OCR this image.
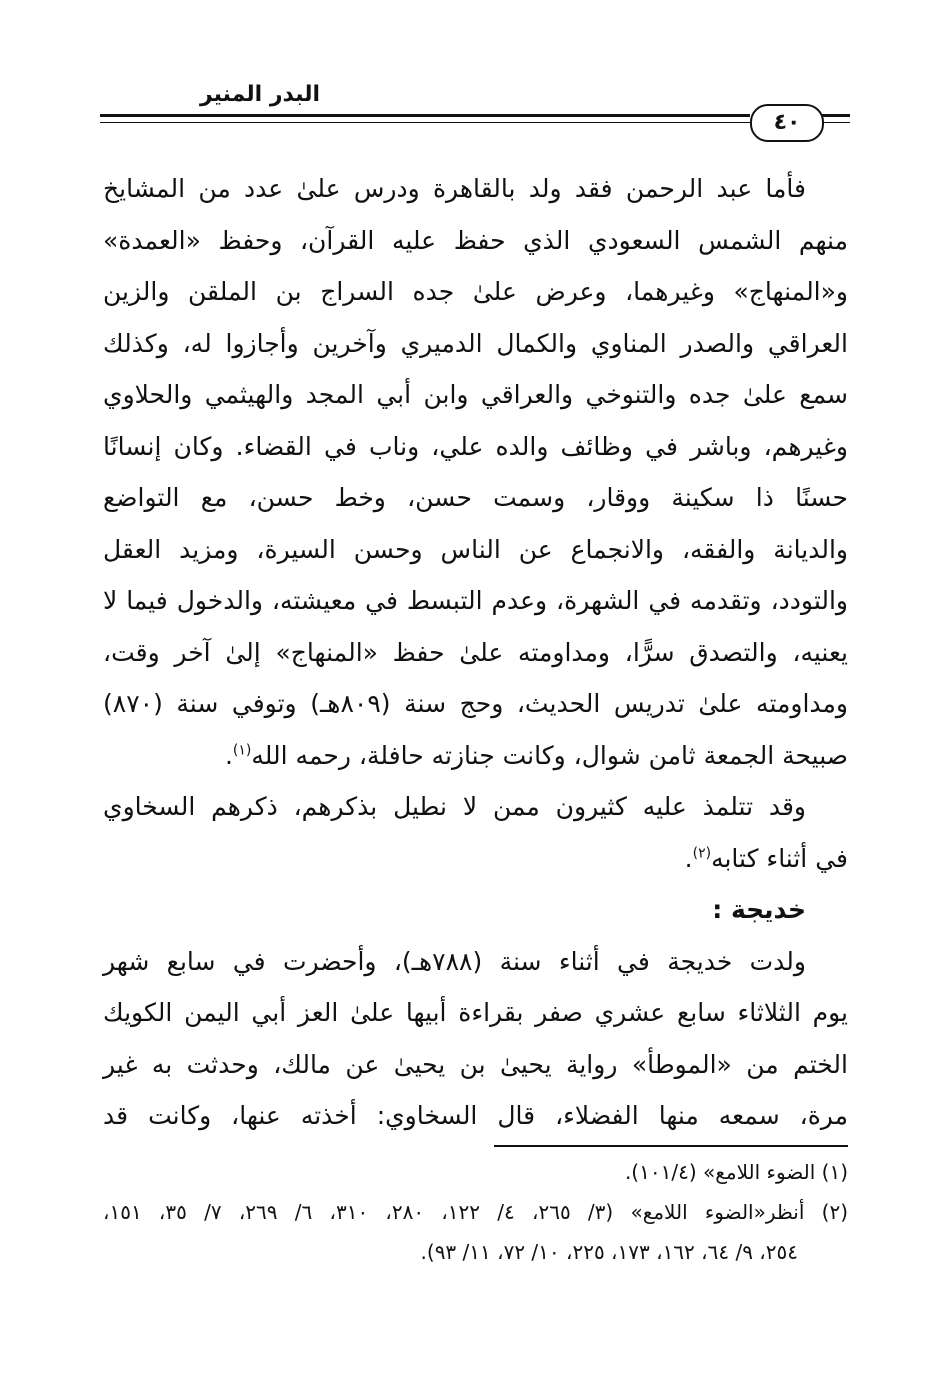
البدر المنير
٤٠
فأما عبد الرحمن فقد ولد بالقاهرة ودرس علىٰ عدد من المشايخ
منهم الشمس السعودي الذي حفظ عليه القرآن، وحفظ «العمدة»
و«المنهاج» وغيرهما، وعرض علىٰ جده السراج بن الملقن والزين
العراقي والصدر المناوي والكمال الدميري وآخرين وأجازوا له، وكذلك
سمع علىٰ جده والتنوخي والعراقي وابن أبي المجد والهيثمي والحلاوي
وغيرهم، وباشر في وظائف والده علي، وناب في القضاء. وكان إنسانًا
حسنًا ذا سكينة ووقار، وسمت حسن، وخط حسن، مع التواضع
والديانة والفقه، والانجماع عن الناس وحسن السيرة، ومزيد العقل
والتودد، وتقدمه في الشهرة، وعدم التبسط في معيشته، والدخول فيما لا
يعنيه، والتصدق سرًّا، ومداومته علىٰ حفظ «المنهاج» إلىٰ آخر وقت،
ومداومته علىٰ تدريس الحديث، وحج سنة (٨٠٩هـ) وتوفي سنة (٨٧٠)
صبيحة الجمعة ثامن شوال، وكانت جنازته حافلة، رحمه الله$^{(١)}$.
وقد تتلمذ عليه كثيرون ممن لا نطيل بذكرهم، ذكرهم السخاوي
في أثناء كتابه$^{(٢)}$.
خديجة :
ولدت خديجة في أثناء سنة (٧٨٨هـ)، وأحضرت في سابع شهر
يوم الثلاثاء سابع عشري صفر بقراءة أبيها علىٰ العز أبي اليمن الكويك
الختم من «الموطأ» رواية يحيىٰ بن يحيىٰ عن مالك، وحدثت به غير
مرة، سمعه منها الفضلاء، قال السخاوي: أخذته عنها، وكانت قد
(١) الضوء اللامع» (١٠١/٤).
(٢) أنظر«الضوء اللامع» (٣/ ٢٦٥، ٤/ ١٢٢، ٢٨٠، ٣١٠، ٦/ ٢٦٩، ٧/ ٣٥، ١٥١،
٢٥٤، ٩/ ٦٤، ١٦٢، ١٧٣، ٢٢٥، ١٠/ ٧٢، ١١/ ٩٣).
